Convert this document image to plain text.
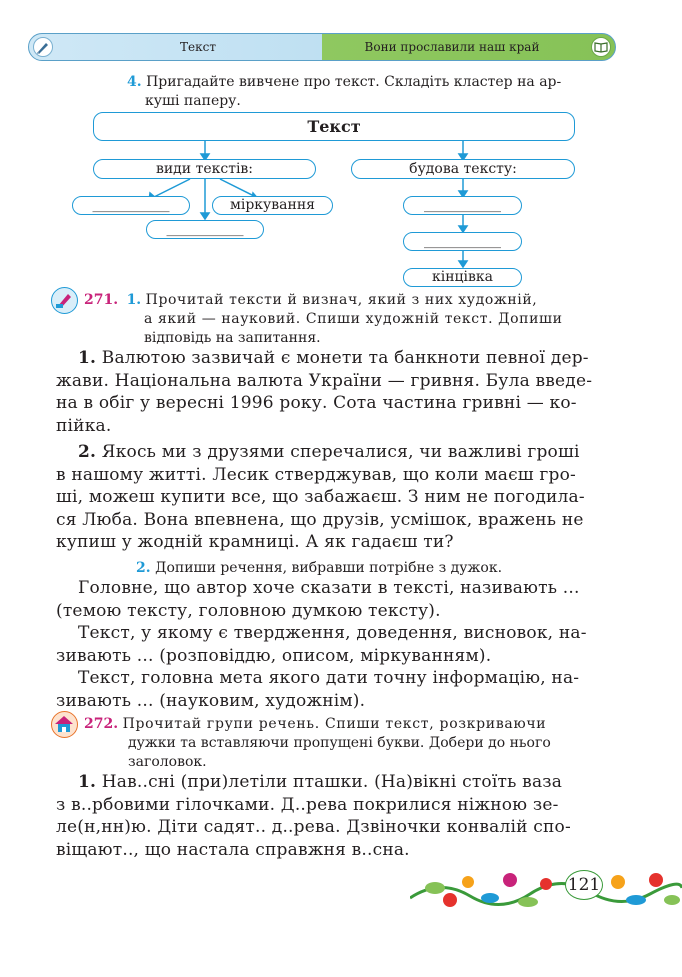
Текст	Вони прославили наш край
4. Пригадайте вивчене про текст. Складіть кластер на ар-
куші паперу.
Текст
види текстів:	будова тексту:
___________	міркування
___________
___________
___________
кінцівка
271. 1. Прочитай тексти й визнач, який з них художній,
а який — науковий. Спиши художній текст. Допиши
відповідь на запитання.
1. Валютою зазвичай є монети та банкноти певної дер-
жави. Національна валюта України — гривня. Була введе-
на в обіг у вересні 1996 року. Сота частина гривні — ко-
пійка.
2. Якось ми з друзями сперечалися, чи важливі гроші
в нашому житті. Лесик стверджував, що коли маєш гро-
ші, можеш купити все, що забажаєш. З ним не погодила-
ся Люба. Вона впевнена, що друзів, усмішок, вражень не
купиш у жодній крамниці. А як гадаєш ти?
2. Допиши речення, вибравши потрібне з дужок.
Головне, що автор хоче сказати в тексті, називають ...
(темою тексту, головною думкою тексту).
Текст, у якому є твердження, доведення, висновок, на-
зивають ... (розповіддю, описом, міркуванням).
Текст, головна мета якого дати точну інформацію, на-
зивають ... (науковим, художнім).
272. Прочитай групи речень. Спиши текст, розкриваючи
дужки та вставляючи пропущені букви. Добери до нього
заголовок.
1. Нав..сні (при)летіли пташки. (На)вікні стоїть ваза
з в..рбовими гілочками. Д..рева покрилися ніжною зе-
ле(н,нн)ю. Діти садят.. д..рева. Дзвіночки конвалій спо-
віщают.., що настала справжня в..сна.
121
